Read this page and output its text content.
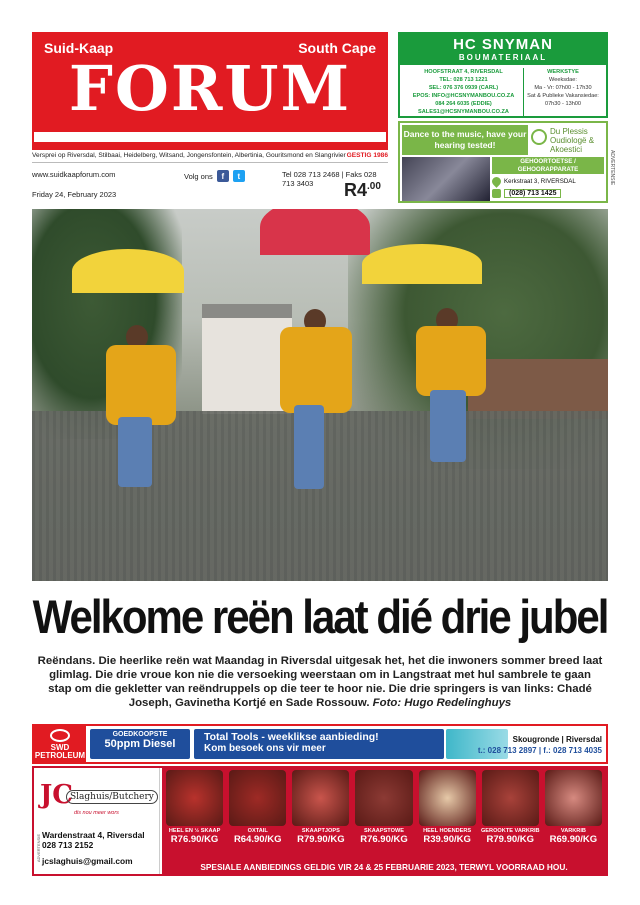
Suid-Kaap	South Cape
FORUM
Versprei op Riversdal, Stilbaai, Heidelberg, Witsand, Jongensfontein, Albertinia, Gouritsmond en Slangrivier GESTIG 1986
www.suidkaapforum.com	Volg ons	f	t	Tel 028 713 2468 | Faks 028 713 3403
Friday 24, February 2023	$R4^{.00}$
HC SNYMAN
BOUMATERIAAL
HOOFSTRAAT 4, RIVERSDAL
TEL: 028 713 1221
SEL: 076 376 0939 (CARL)
EPOS: INFO@HCSNYMANBOU.CO.ZA
084 264 6035 (EDDIE)
SALES1@HCSNYMANBOU.CO.ZA
WERKSTYE
Weeksdae:
Ma - Vr: 07h00 - 17h30
Sat & Publieke Vakansiedae:
07h30 - 13h00
Dance to the music, have your hearing tested!
Du Plessis Oudiologë & Akoestici
GEHOORTOETSE / GEHOORAPPARATE
Kerkstraat 3, RIVERSDAL
(028) 713 1425
ADVERTENSIE
Welkome reën laat dié drie jubel
Reëndans. Die heerlike reën wat Maandag in Riversdal uitgesak het, het die inwoners sommer breed laat glimlag. Die drie vroue kon nie die versoeking weerstaan om in Langstraat met hul sambrele te gaan stap om die gekletter van reëndruppels op die teer te hoor nie. Die drie springers is van links: Chadé Joseph, Gavinetha Kortjé en Sade Rossouw. Foto: Hugo Redelinghuys
SWD PETROLEUM
GOEDKOOPSTE
50ppm Diesel
Total Tools - weeklikse aanbieding!
Kom besoek ons vir meer
Skougronde | Riversdal
t.: 028 713 2897 | f.: 028 713 4035
JC
Slaghuis/Butchery
dis nou meer wors
Wardenstraat 4, Riversdal
028 713 2152
jcslaghuis@gmail.com
ADVERTENSIE
HEEL EN ½ SKAAP
R76.90/KG
OXTAIL
R64.90/KG
SKAAPTJOPS
R79.90/KG
SKAAPSTOWE
R76.90/KG
HEEL HOENDERS
R39.90/KG
GEROOKTE VARKRIB
R79.90/KG
VARKRIB
R69.90/KG
SPESIALE AANBIEDINGS GELDIG VIR 24 & 25 FEBRUARIE 2023, TERWYL VOORRAAD HOU.
